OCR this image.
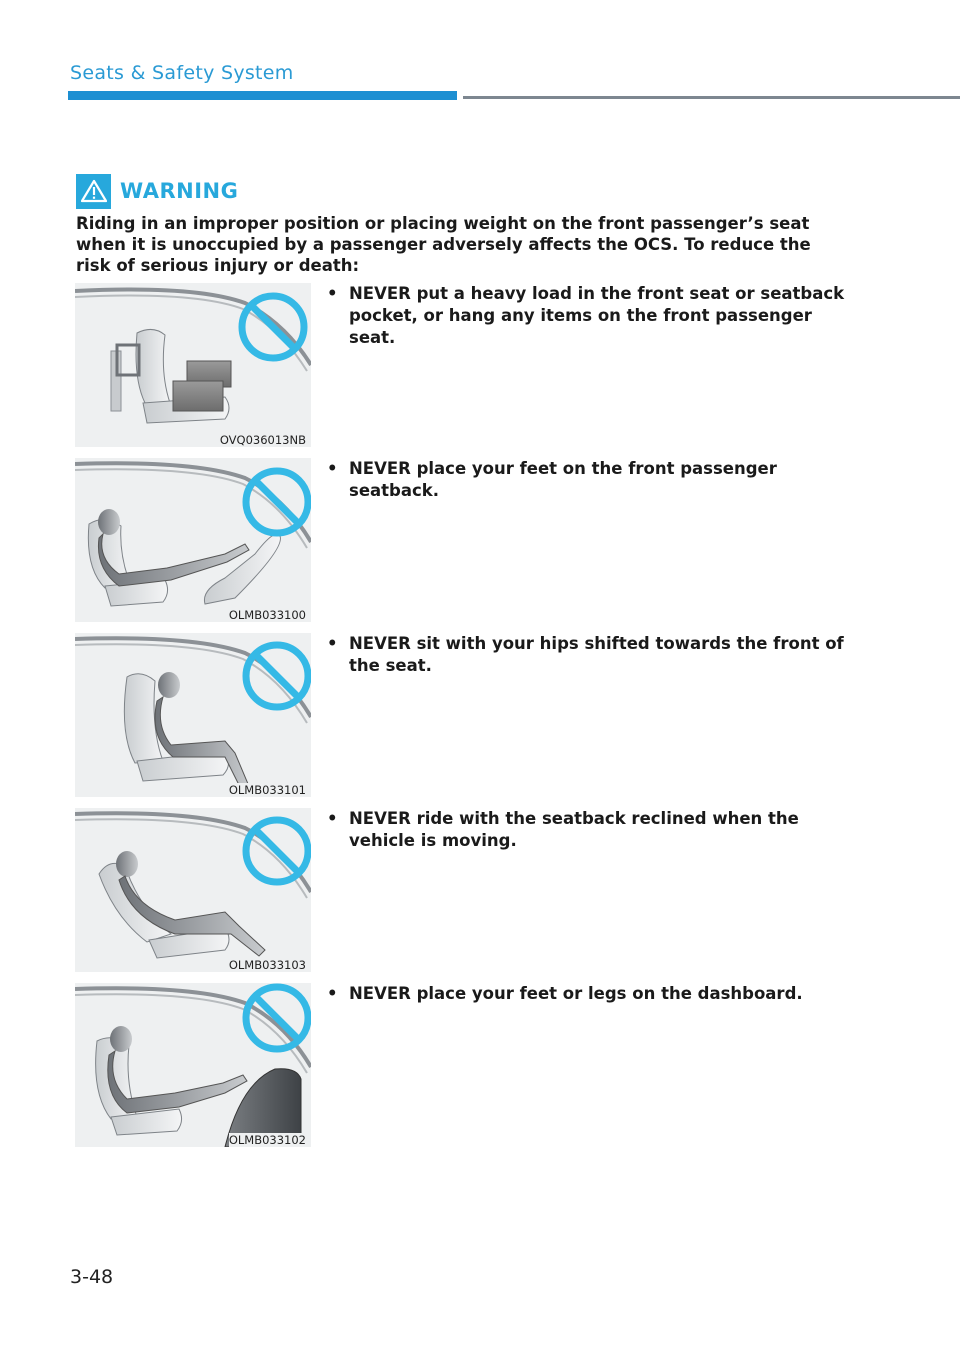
Seats & Safety System
WARNING

Riding in an improper position or placing weight on the front passenger’s seat when it is unoccupied by a passenger adversely affects the OCS. To reduce the risk of serious injury or death:

OVQ036013NB

• NEVER put a heavy load in the front seat or seatback pocket, or hang any items on the front passenger seat.

OLMB033100

• NEVER place your feet on the front passenger seatback.

OLMB033101

• NEVER sit with your hips shifted towards the front of the seat.

OLMB033103

• NEVER ride with the seatback reclined when the vehicle is moving.

OLMB033102

• NEVER place your feet or legs on the dashboard.

3-48
